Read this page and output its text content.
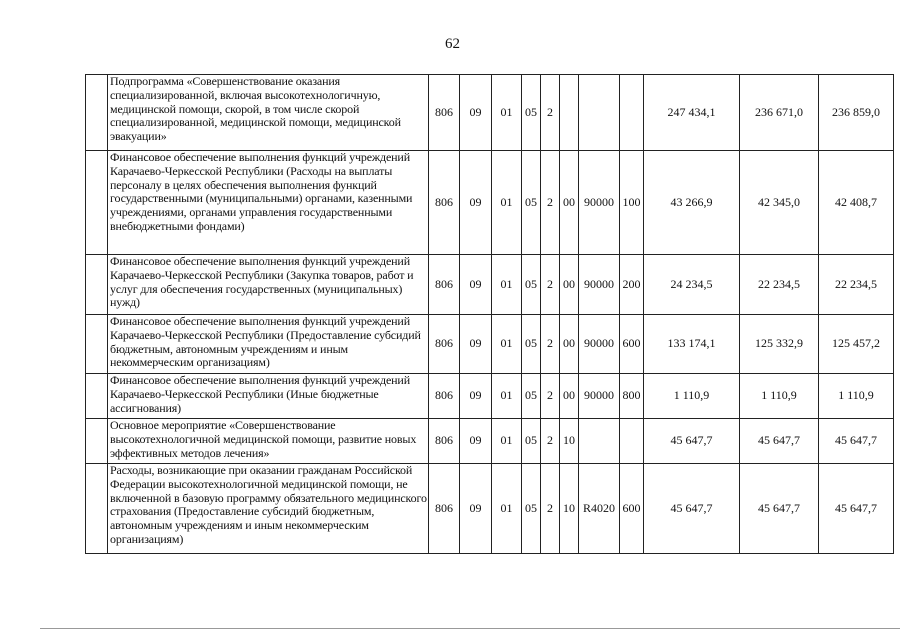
62
	Подпрограмма «Совершенствование оказания специализированной, включая высокотехнологичную, медицинской помощи, скорой, в том числе скорой специализированной, медицинской помощи, медицинской эвакуации»	806	09	01	05	2				247 434,1	236 671,0	236 859,0
	Финансовое обеспечение выполнения функций учреждений Карачаево-Черкесской Республики (Расходы на выплаты персоналу в целях обеспечения выполнения функций государственными (муниципальными) органами, казенными учреждениями, органами управления государственными внебюджетными фондами)	806	09	01	05	2	00	90000	100	43 266,9	42 345,0	42 408,7
	Финансовое обеспечение выполнения функций учреждений Карачаево-Черкесской Республики (Закупка товаров, работ и услуг для обеспечения государственных (муниципальных) нужд)	806	09	01	05	2	00	90000	200	24 234,5	22 234,5	22 234,5
	Финансовое обеспечение выполнения функций учреждений Карачаево-Черкесской Республики (Предоставление субсидий бюджетным, автономным учреждениям и иным некоммерческим организациям)	806	09	01	05	2	00	90000	600	133 174,1	125 332,9	125 457,2
	Финансовое обеспечение выполнения функций учреждений Карачаево-Черкесской Республики (Иные бюджетные ассигнования)	806	09	01	05	2	00	90000	800	1 110,9	1 110,9	1 110,9
	Основное мероприятие «Совершенствование высокотехнологичной медицинской помощи, развитие новых эффективных методов лечения»	806	09	01	05	2	10			45 647,7	45 647,7	45 647,7
	Расходы, возникающие при оказании гражданам Российской Федерации высокотехнологичной медицинской помощи, не включенной в базовую программу обязательного медицинского страхования (Предоставление субсидий бюджетным, автономным учреждениям и иным некоммерческим организациям)	806	09	01	05	2	10	R4020	600	45 647,7	45 647,7	45 647,7
